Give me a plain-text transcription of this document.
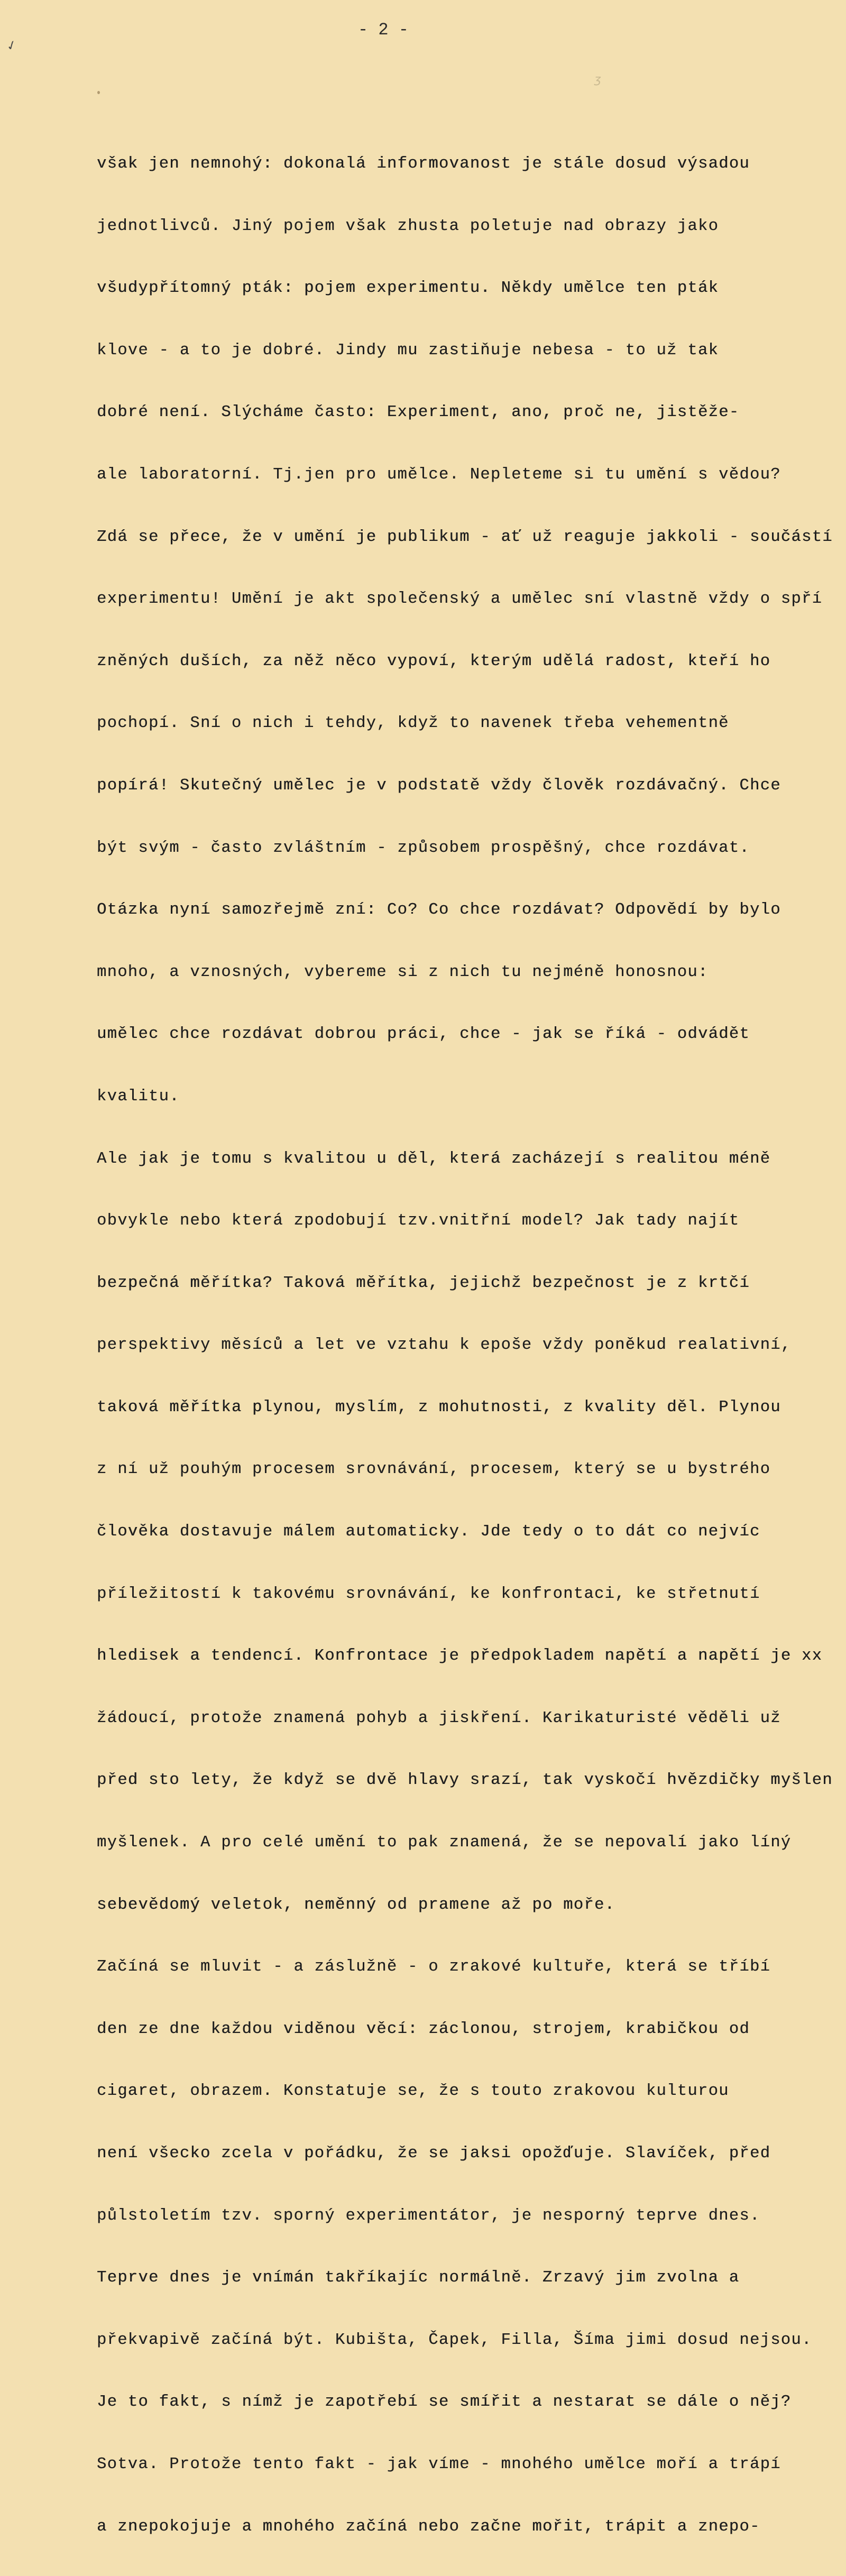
- 2 -
✓
ʒ

však jen nemnohý: dokonalá informovanost je stále dosud výsadou

jednotlivců. Jiný pojem však zhusta poletuje nad obrazy jako

všudypřítomný pták: pojem experimentu. Někdy umělce ten pták

klove - a to je dobré. Jindy mu zastiňuje nebesa - to už tak

dobré není. Slýcháme často: Experiment, ano, proč ne, jistěže-

ale laboratorní. Tj.jen pro umělce. Nepleteme si tu umění s vědou?

Zdá se přece, že v umění je publikum - ať už reaguje jakkoli - součástí

experimentu! Umění je akt společenský a umělec sní vlastně vždy o spří

zněných duších, za něž něco vypoví, kterým udělá radost, kteří ho

pochopí. Sní o nich i tehdy, když to navenek třeba vehementně

popírá! Skutečný umělec je v podstatě vždy člověk rozdávačný. Chce

být svým - často zvláštním - způsobem prospěšný, chce rozdávat.

Otázka nyní samozřejmě zní: Co? Co chce rozdávat? Odpovědí by bylo

mnoho, a vznosných, vybereme si z nich tu nejméně honosnou:

umělec chce rozdávat dobrou práci, chce - jak se říká - odvádět

kvalitu.

Ale jak je tomu s kvalitou u děl, která zacházejí s realitou méně

obvykle nebo která zpodobují tzv.vnitřní model? Jak tady najít

bezpečná měřítka? Taková měřítka, jejichž bezpečnost je z krtčí

perspektivy měsíců a let ve vztahu k epoše vždy poněkud realativní,

taková měřítka plynou, myslím, z mohutnosti, z kvality děl. Plynou

z ní už pouhým procesem srovnávání, procesem, který se u bystrého

člověka dostavuje málem automaticky. Jde tedy o to dát co nejvíc

příležitostí k takovému srovnávání, ke konfrontaci, ke střetnutí

hledisek a tendencí. Konfrontace je předpokladem napětí a napětí je xx

žádoucí, protože znamená pohyb a jiskření. Karikaturisté věděli už

před sto lety, že když se dvě hlavy srazí, tak vyskočí hvězdičky myšlen

myšlenek. A pro celé umění to pak znamená, že se nepovalí jako líný

sebevědomý veletok, neměnný od pramene až po moře.

Začíná se mluvit - a záslužně - o zrakové kultuře, která se tříbí

den ze dne každou viděnou věcí: záclonou, strojem, krabičkou od

cigaret, obrazem. Konstatuje se, že s touto zrakovou kulturou

není všecko zcela v pořádku, že se jaksi opožďuje. Slavíček, před

půlstoletím tzv. sporný experimentátor, je nesporný teprve dnes.

Teprve dnes je vnímán takříkajíc normálně. Zrzavý jim zvolna a

překvapivě začíná být. Kubišta, Čapek, Filla, Šíma jimi dosud nejsou.

Je to fakt, s nímž je zapotřebí se smířit a nestarat se dále o něj?

Sotva. Protože tento fakt - jak víme - mnohého umělce moří a trápí

a znepokojuje a mnohého začíná nebo začne mořit, trápit a znepo-
